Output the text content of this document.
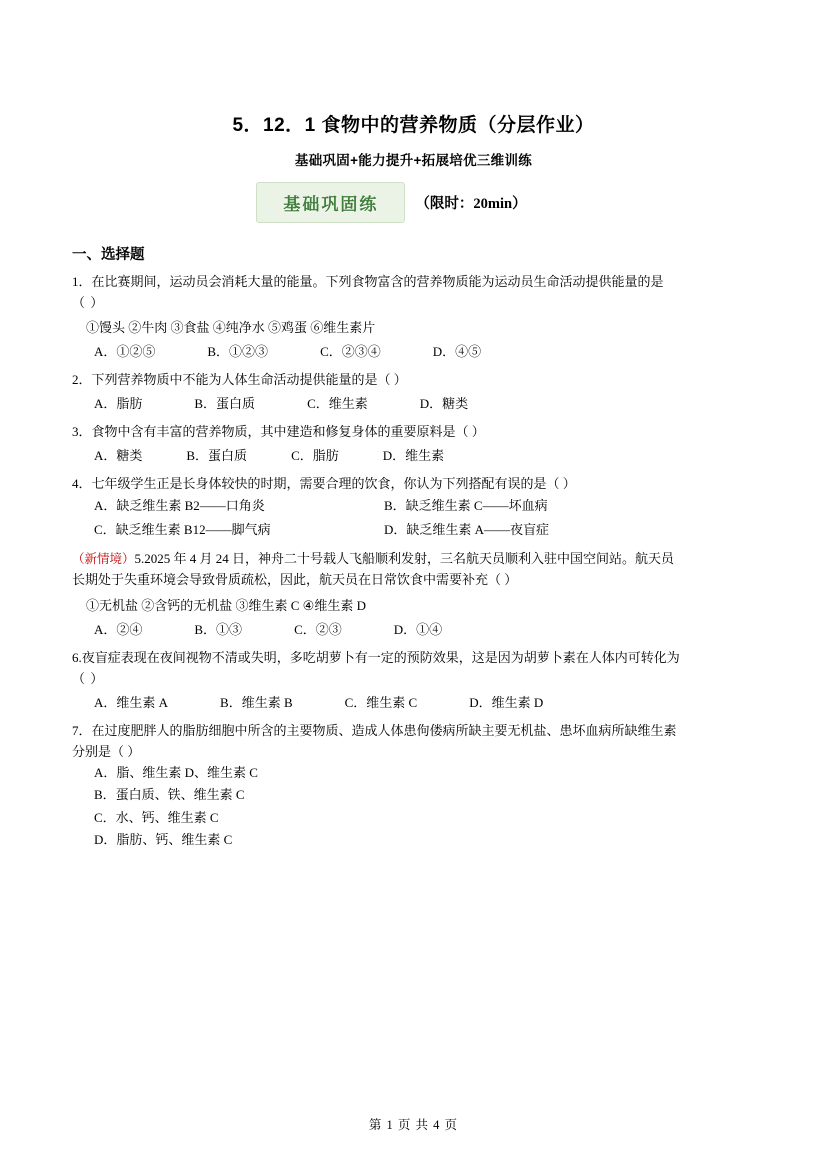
5．12．1 食物中的营养物质（分层作业）
基础巩固+能力提升+拓展培优三维训练
基础巩固练	（限时：20min）
一、选择题
1．在比赛期间，运动员会消耗大量的能量。下列食物富含的营养物质能为运动员生命活动提供能量的是
（ ）
①馒头 ②牛肉 ③食盐 ④纯净水 ⑤鸡蛋 ⑥维生素片
A．①②⑤	B．①②③	C．②③④	D．④⑤
2．下列营养物质中不能为人体生命活动提供能量的是（ ）
A．脂肪	B．蛋白质	C．维生素	D．糖类
3．食物中含有丰富的营养物质，其中建造和修复身体的重要原料是（ ）
A．糖类	B．蛋白质	C．脂肪	D．维生素
4．七年级学生正是长身体较快的时期，需要合理的饮食，你认为下列搭配有误的是（ ）
A．缺乏维生素 B2——口角炎	B．缺乏维生素 C——坏血病
C．缺乏维生素 B12——脚气病	D．缺乏维生素 A——夜盲症
（新情境）5.2025 年 4 月 24 日，神舟二十号载人飞船顺利发射，三名航天员顺利入驻中国空间站。航天员
长期处于失重环境会导致骨质疏松，因此，航天员在日常饮食中需要补充（ ）
①无机盐 ②含钙的无机盐 ③维生素 C ④维生素 D
A．②④	B．①③	C．②③	D．①④
6.夜盲症表现在夜间视物不清或失明，多吃胡萝卜有一定的预防效果，这是因为胡萝卜素在人体内可转化为
（ ）
A．维生素 A	B．维生素 B	C．维生素 C	D．维生素 D
7．在过度肥胖人的脂肪细胞中所含的主要物质、造成人体患佝偻病所缺主要无机盐、患坏血病所缺维生素
分别是（ ）
A．脂、维生素 D、维生素 C
B．蛋白质、铁、维生素 C
C．水、钙、维生素 C
D．脂肪、钙、维生素 C
第 1 页 共 4 页
